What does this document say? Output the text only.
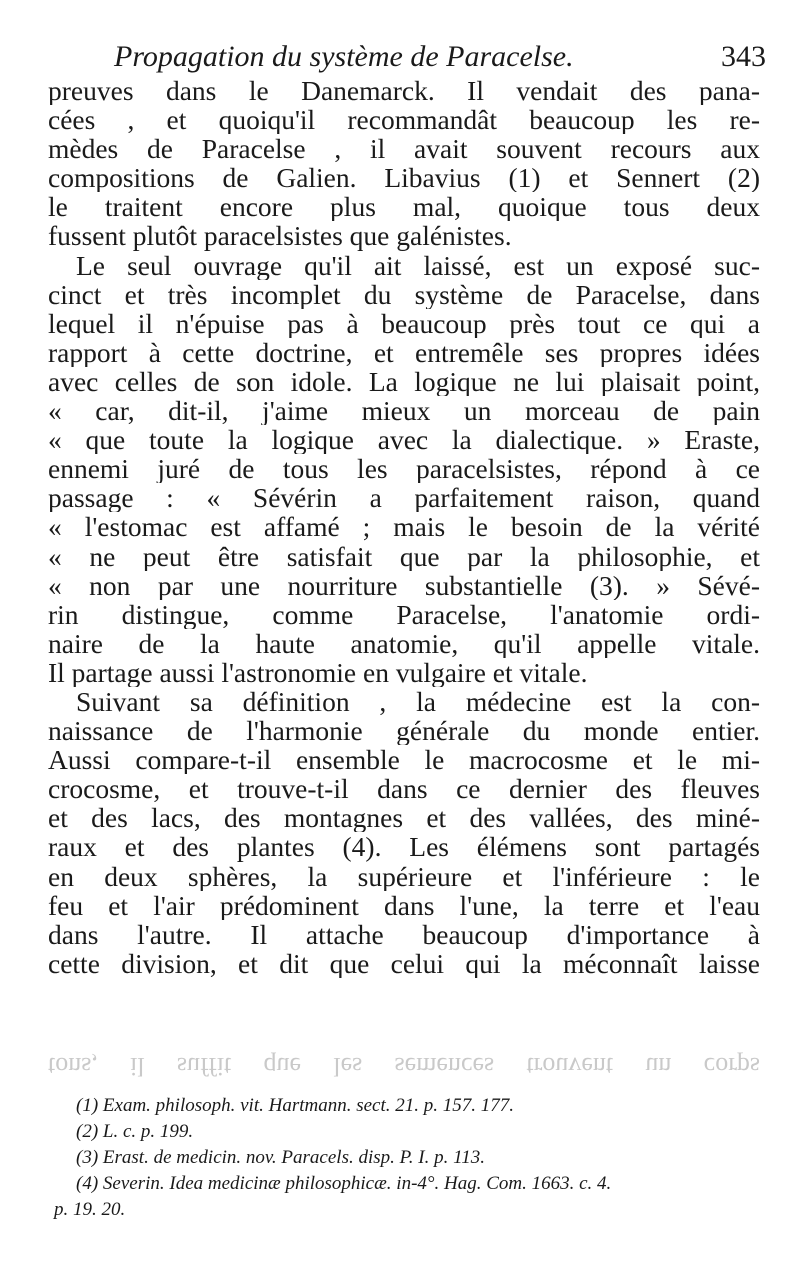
Propagation du système de Paracelse.	343
preuves dans le Danemarck. Il vendait des pana-
cées , et quoiqu'il recommandât beaucoup les re-
mèdes de Paracelse , il avait souvent recours aux
compositions de Galien. Libavius (1) et Sennert (2)
le traitent encore plus mal, quoique tous deux
fussent plutôt paracelsistes que galénistes.
Le seul ouvrage qu'il ait laissé, est un exposé suc-
cinct et très incomplet du système de Paracelse, dans
lequel il n'épuise pas à beaucoup près tout ce qui a
rapport à cette doctrine, et entremêle ses propres idées
avec celles de son idole. La logique ne lui plaisait point,
« car, dit-il, j'aime mieux un morceau de pain
« que toute la logique avec la dialectique. » Eraste,
ennemi juré de tous les paracelsistes, répond à ce
passage : « Sévérin a parfaitement raison, quand
« l'estomac est affamé ; mais le besoin de la vérité
« ne peut être satisfait que par la philosophie, et
« non par une nourriture substantielle (3). » Sévé-
rin distingue, comme Paracelse, l'anatomie ordi-
naire de la haute anatomie, qu'il appelle vitale.
Il partage aussi l'astronomie en vulgaire et vitale.
Suivant sa définition , la médecine est la con-
naissance de l'harmonie générale du monde entier.
Aussi compare-t-il ensemble le macrocosme et le mi-
crocosme, et trouve-t-il dans ce dernier des fleuves
et des lacs, des montagnes et des vallées, des miné-
raux et des plantes (4). Les élémens sont partagés
en deux sphères, la supérieure et l'inférieure : le
feu et l'air prédominent dans l'une, la terre et l'eau
dans l'autre. Il attache beaucoup d'importance à
cette division, et dit que celui qui la méconnaît laisse
tons, il suffit que les semences trouvent un corps
(1) Exam. philosoph. vit. Hartmann. sect. 21. p. 157. 177.
(2) L. c. p. 199.
(3) Erast. de medicin. nov. Paracels. disp. P. I. p. 113.
(4) Severin. Idea medicinæ philosophicæ. in-4°. Hag. Com. 1663. c. 4.
p. 19. 20.
